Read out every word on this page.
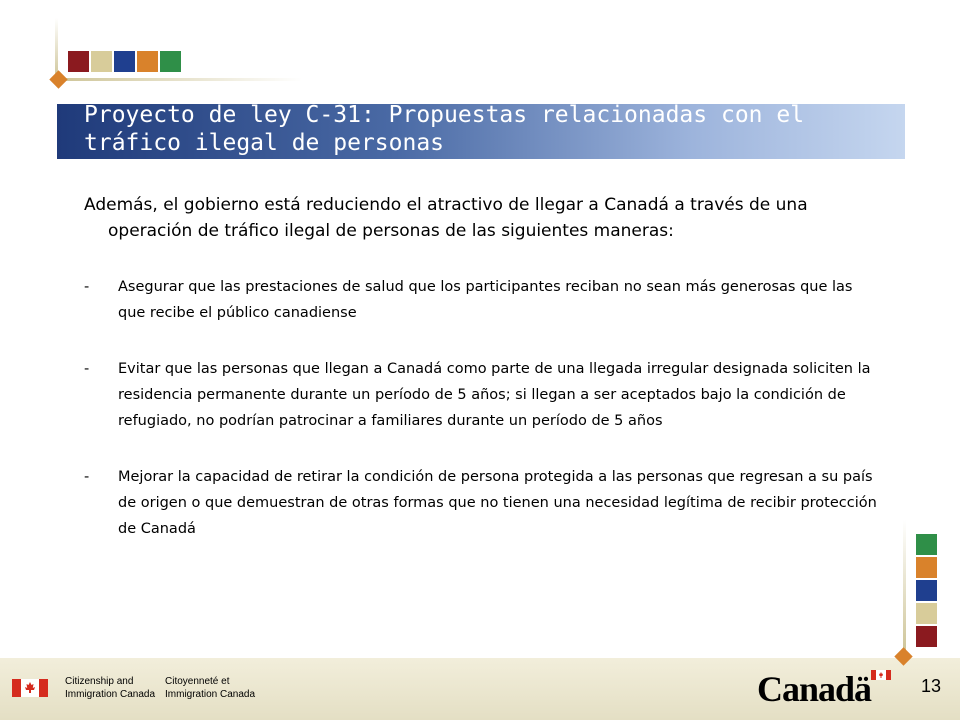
Proyecto de ley C-31: Propuestas relacionadas con el tráfico ilegal de personas

Además, el gobierno está reduciendo el atractivo de llegar a Canadá a través de una operación de tráfico ilegal de personas de las siguientes maneras:

- Asegurar que las prestaciones de salud que los participantes reciban no sean más generosas que las que recibe el público canadiense
- Evitar que las personas que llegan a Canadá como parte de una llegada irregular designada soliciten la residencia permanente durante un período de 5 años; si llegan a ser aceptados bajo la condición de refugiado, no podrían patrocinar a familiares durante un período de 5 años
- Mejorar la capacidad de retirar la condición de persona protegida a las personas que regresan a su país de origen o que demuestran de otras formas que no tienen una necesidad legítima de recibir protección de Canadá
Citizenship and	Citoyenneté et
Immigration Canada Immigration Canada	Canadä	13
